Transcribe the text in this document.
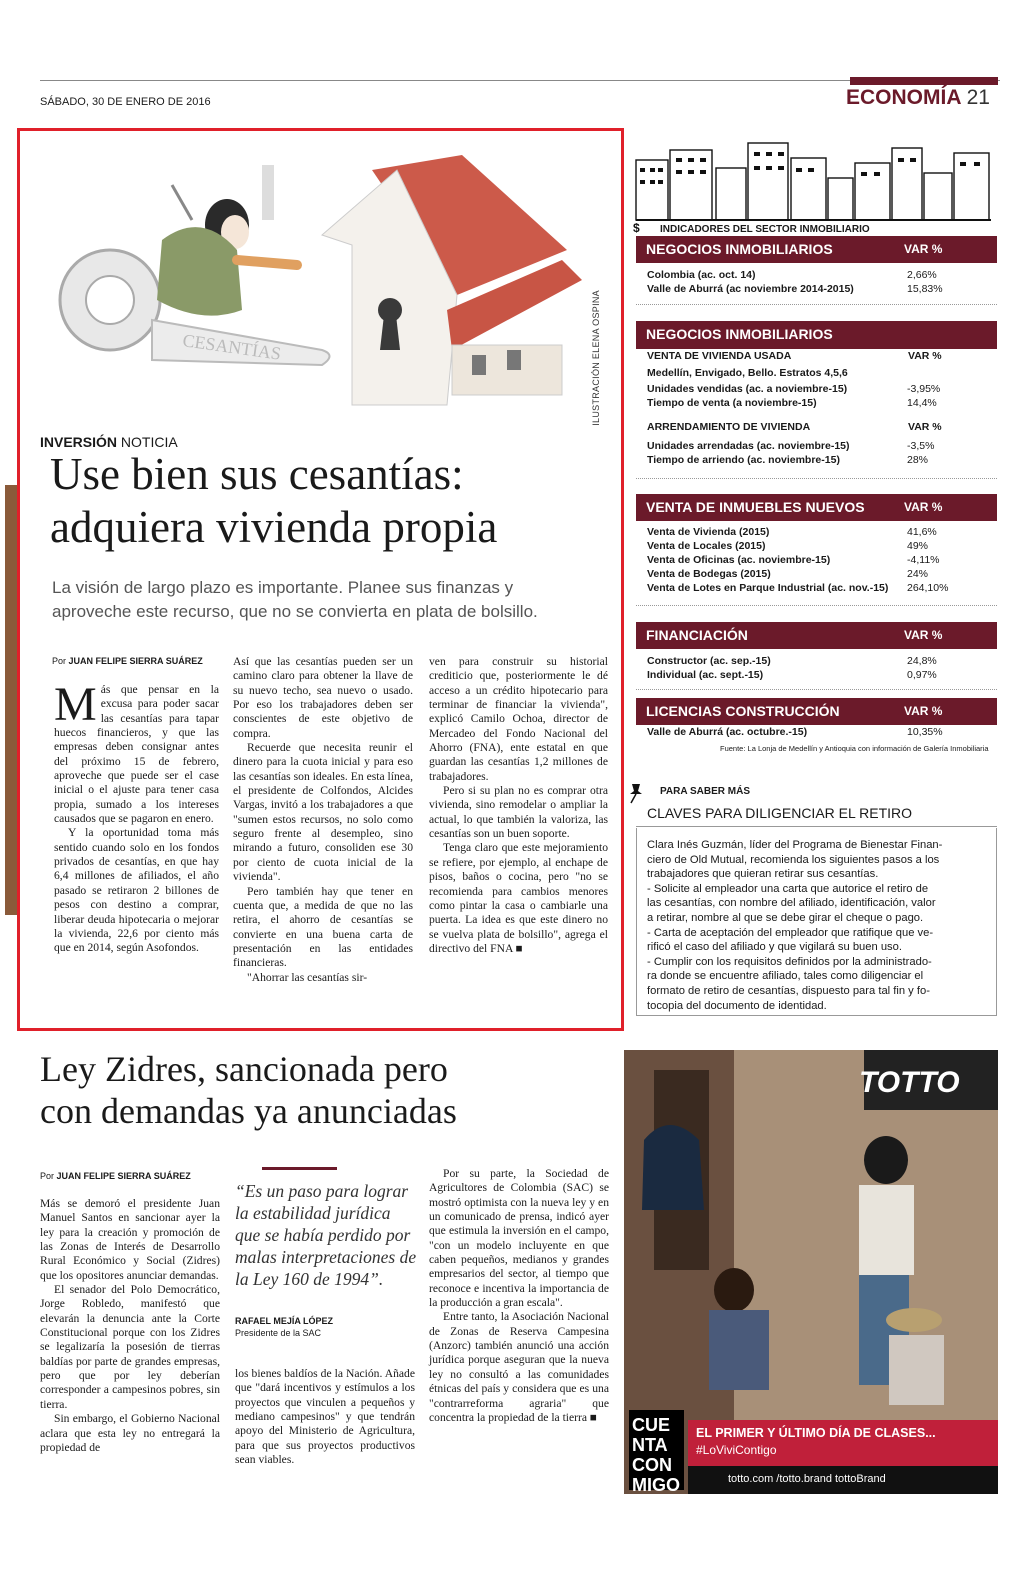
SÁBADO, 30 DE ENERO DE 2016	ECONOMÍA 21
CESANTÍAS	ILUSTRACIÓN ELENA OSPINA
INVERSIÓN NOTICIA
Use bien sus cesantías:
adquiera vivienda propia
La visión de largo plazo es importante. Planee sus finanzas y
aproveche este recurso, que no se convierta en plata de bolsillo.
Por JUAN FELIPE SIERRA SUÁREZ

Más que pensar en la excusa para poder sacar las cesantías para tapar huecos financieros, y que las empresas deben consignar antes del próximo 15 de febrero, aproveche que puede ser el case inicial o el ajuste para tener casa propia, sumado a los intereses causados que se pagaron en enero.

Y la oportunidad toma más sentido cuando solo en los fondos privados de cesantías, en que hay 6,4 millones de afiliados, el año pasado se retiraron 2 billones de pesos con destino a comprar, liberar deuda hipotecaria o mejorar la vivienda, 22,6 por ciento más que en 2014, según Asofondos.

Así que las cesantías pueden ser un camino claro para obtener la llave de su nuevo techo, sea nuevo o usado. Por eso los trabajadores deben ser conscientes de este objetivo de compra.

Recuerde que necesita reunir el dinero para la cuota inicial y para eso las cesantías son ideales. En esta línea, el presidente de Colfondos, Alcides Vargas, invitó a los trabajadores a que "sumen estos recursos, no solo como seguro frente al desempleo, sino mirando a futuro, consoliden ese 30 por ciento de cuota inicial de la vivienda".

Pero también hay que tener en cuenta que, a medida de que no las retira, el ahorro de cesantías se convierte en una buena carta de presentación en las entidades financieras.

"Ahorrar las cesantías sir-

ven para construir su historial crediticio que, posteriormente le dé acceso a un crédito hipotecario para terminar de financiar la vivienda", explicó Camilo Ochoa, director de Mercadeo del Fondo Nacional del Ahorro (FNA), ente estatal en que guardan las cesantías 1,2 millones de trabajadores.

Pero si su plan no es comprar otra vivienda, sino remodelar o ampliar la actual, lo que también la valoriza, las cesantías son un buen soporte.

Tenga claro que este mejoramiento se refiere, por ejemplo, al enchape de pisos, baños o cocina, pero "no se recomienda para cambios menores como pintar la casa o cambiarle una puerta. La idea es que este dinero no se vuelva plata de bolsillo", agrega el directivo del FNA ■

$ INDICADORES DEL SECTOR INMOBILIARIO
NEGOCIOS INMOBILIARIOS	VAR %
Colombia (ac. oct. 14)	2,66%
Valle de Aburrá (ac noviembre 2014-2015)	15,83%
NEGOCIOS INMOBILIARIOS
VENTA DE VIVIENDA USADA	VAR %
Medellín, Envigado, Bello. Estratos 4,5,6
Unidades vendidas (ac. a noviembre-15)	-3,95%
Tiempo de venta (a noviembre-15)	14,4%
ARRENDAMIENTO DE VIVIENDA	VAR %
Unidades arrendadas (ac. noviembre-15)	-3,5%
Tiempo de arriendo (ac. noviembre-15)	28%
VENTA DE INMUEBLES NUEVOS	VAR %
Venta de Vivienda (2015)	41,6%
Venta de Locales (2015)	49%
Venta de Oficinas (ac. noviembre-15)	-4,11%
Venta de Bodegas (2015)	24%
Venta de Lotes en Parque Industrial (ac. nov.-15) 264,10%
FINANCIACIÓN	VAR %
Constructor (ac. sep.-15)	24,8%
Individual (ac. sept.-15)	0,97%
LICENCIAS CONSTRUCCIÓN	VAR %
Valle de Aburrá (ac. octubre.-15)	10,35%
Fuente: La Lonja de Medellín y Antioquia con información de Galería Inmobiliaria
PARA SABER MÁS
CLAVES PARA DILIGENCIAR EL RETIRO
Clara Inés Guzmán, líder del Programa de Bienestar Finan-
ciero de Old Mutual, recomienda los siguientes pasos a los
trabajadores que quieran retirar sus cesantías.
- Solicite al empleador una carta que autorice el retiro de
las cesantías, con nombre del afiliado, identificación, valor
a retirar, nombre al que se debe girar el cheque o pago.
- Carta de aceptación del empleador que ratifique que ve-
rificó el caso del afiliado y que vigilará su buen uso.
- Cumplir con los requisitos definidos por la administrado-
ra donde se encuentre afiliado, tales como diligenciar el
formato de retiro de cesantías, dispuesto para tal fin y fo-
tocopia del documento de identidad.
Ley Zidres, sancionada pero
con demandas ya anunciadas
Por JUAN FELIPE SIERRA SUÁREZ

Más se demoró el presidente Juan Manuel Santos en sancionar ayer la ley para la creación y promoción de las Zonas de Interés de Desarrollo Rural Económico y Social (Zidres) que los opositores anunciar demandas.

El senador del Polo Democrático, Jorge Robledo, manifestó que elevarán la denuncia ante la Corte Constitucional porque con los Zidres se legalizaría la posesión de tierras baldías por parte de grandes empresas, pero que por ley deberían corresponder a campesinos pobres, sin tierra.

Sin embargo, el Gobierno Nacional aclara que esta ley no entregará la propiedad de

“Es un paso para lograr la estabilidad jurídica que se había perdido por malas interpretaciones de la Ley 160 de 1994”.
RAFAEL MEJÍA LÓPEZ
Presidente de la SAC

los bienes baldíos de la Nación. Añade que "dará incentivos y estímulos a los proyectos que vinculen a pequeños y mediano campesinos" y que tendrán apoyo del Ministerio de Agricultura, para que sus proyectos productivos sean viables.

Por su parte, la Sociedad de Agricultores de Colombia (SAC) se mostró optimista con la nueva ley y en un comunicado de prensa, indicó ayer que estimula la inversión en el campo, "con un modelo incluyente en que caben pequeños, medianos y grandes empresarios del sector, al tiempo que reconoce e incentiva la importancia de la producción a gran escala".

Entre tanto, la Asociación Nacional de Zonas de Reserva Campesina (Anzorc) también anunció una acción jurídica porque aseguran que la nueva ley no consultó a las comunidades étnicas del país y considera que es una "contrarreforma agraria" que concentra la propiedad de la tierra ■

TOTTO
CUENTA CONMIGO
EL PRIMER Y ÚLTIMO DÍA DE CLASES...
#LoViviContigo
totto.com /totto.brand tottoBrand
